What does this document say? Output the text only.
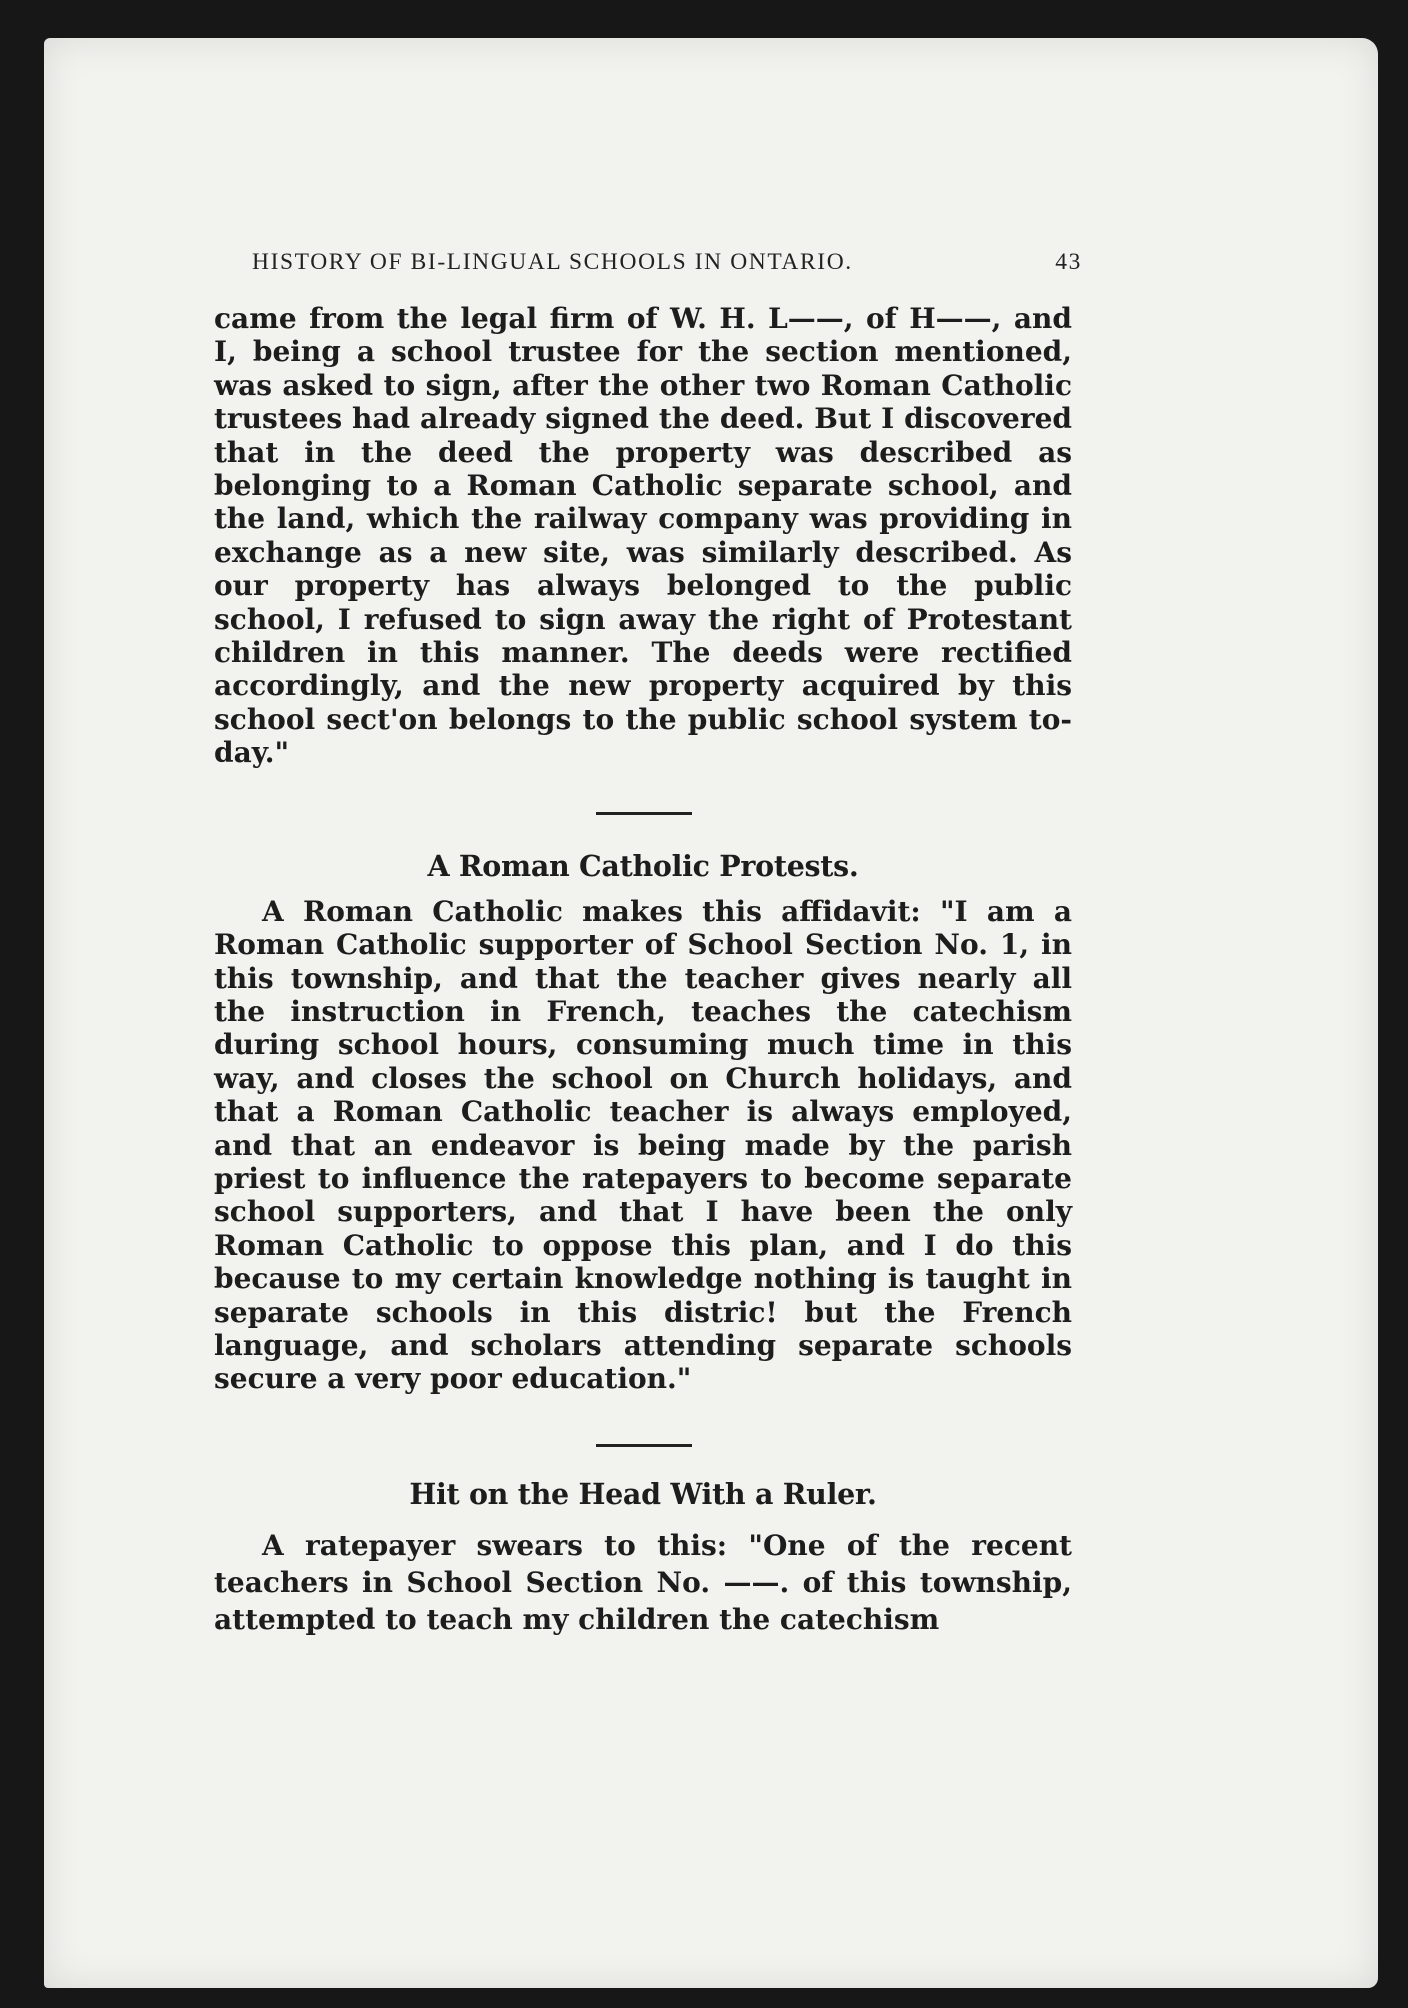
HISTORY OF BI-LINGUAL SCHOOLS IN ONTARIO.	43

came from the legal firm of W. H. L——, of H——, and I, being a school trustee for the section mentioned, was asked to sign, after the other two Roman Catholic trustees had already signed the deed. But I discovered that in the deed the property was described as belonging to a Roman Catholic separate school, and the land, which the railway company was providing in exchange as a new site, was similarly described. As our property has always belonged to the public school, I refused to sign away the right of Protestant children in this manner. The deeds were rectified accordingly, and the new property acquired by this school sect'on belongs to the public school system to-day."

A Roman Catholic Protests.

A Roman Catholic makes this affidavit: "I am a Roman Catholic supporter of School Section No. 1, in this township, and that the teacher gives nearly all the instruction in French, teaches the catechism during school hours, consuming much time in this way, and closes the school on Church holidays, and that a Roman Catholic teacher is always employed, and that an endeavor is being made by the parish priest to influence the ratepayers to become separate school supporters, and that I have been the only Roman Catholic to oppose this plan, and I do this because to my certain knowledge nothing is taught in separate schools in this distric! but the French language, and scholars attending separate schools secure a very poor education."

Hit on the Head With a Ruler.

A ratepayer swears to this: "One of the recent teachers in School Section No. ——. of this township, attempted to teach my children the catechism
